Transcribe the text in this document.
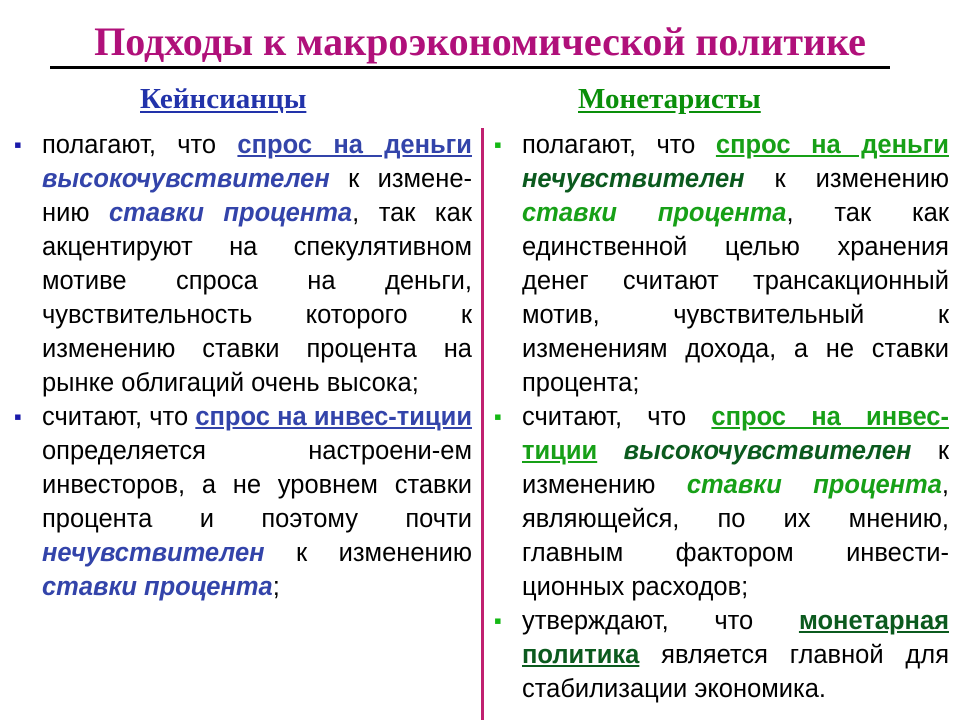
Подходы к макроэкономической политике
Кейнсианцы	Монетаристы

▪ полагают, что спрос на деньги высокочувствителен к измене-нию ставки процента, так как акцентируют на спекулятивном мотиве спроса на деньги, чувствительность которого к изменению ставки процента на рынке облигаций очень высока;

▪ считают, что спрос на инвес-тиции определяется настроени-ем инвесторов, а не уровнем ставки процента и поэтому почти нечувствителен к изменению ставки процента;

▪ полагают, что спрос на деньги нечувствителен к изменению ставки процента, так как единственной целью хранения денег считают трансакционный мотив, чувствительный к изменениям дохода, а не ставки процента;

▪ считают, что спрос на инвес-тиции высокочувствителен к изменению ставки процента, являющейся, по их мнению, главным фактором инвести-ционных расходов;

▪ утверждают, что монетарная политика является главной для стабилизации экономика.
